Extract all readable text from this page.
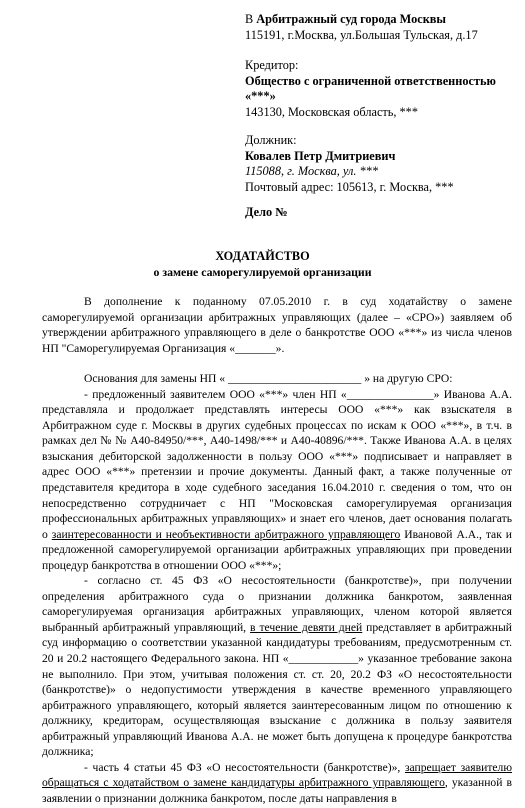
В Арбитражный суд города Москвы
115191, г.Москва, ул.Большая Тульская, д.17
Кредитор:
Общество с ограниченной ответственностью
«***»
143130, Московская область, ***
Должник:
Ковалев Петр Дмитриевич
115088, г. Москва, ул. ***
Почтовый адрес: 105613, г. Москва, ***
Дело №
ХОДАТАЙСТВО
о замене саморегулируемой организации

В дополнение к поданному 07.05.2010 г. в суд ходатайству о замене саморегулируемой организации арбитражных управляющих (далее – «СРО») заявляем об утверждении арбитражного управляющего в деле о банкротстве ООО «***» из числа членов НП "Саморегулируемая Организация «_______».

Основания для замены НП « _______________________ » на другую СРО:

- предложенный заявителем ООО «***» член НП «_______________» Иванова А.А. представляла и продолжает представлять интересы ООО «***» как взыскателя в Арбитражном суде г. Москвы в других судебных процессах по искам к ООО «***», в т.ч. в рамках дел № № А40-84950/***, А40-1498/*** и А40-40896/***. Также Иванова А.А. в целях взыскания дебиторской задолженности в пользу ООО «***» подписывает и направляет в адрес ООО «***» претензии и прочие документы. Данный факт, а также полученные от представителя кредитора в ходе судебного заседания 16.04.2010 г. сведения о том, что он непосредственно сотрудничает с НП "Московская саморегулируемая организация профессиональных арбитражных управляющих» и знает его членов, дает основания полагать о заинтересованности и необъективности арбитражного управляющего Ивановой А.А., так и предложенной саморегулируемой организации арбитражных управляющих при проведении процедур банкротства в отношении ООО «***»;

- согласно ст. 45 ФЗ «О несостоятельности (банкротстве)», при получении определения арбитражного суда о признании должника банкротом, заявленная саморегулируемая организация арбитражных управляющих, членом которой является выбранный арбитражный управляющий, в течение девяти дней представляет в арбитражный суд информацию о соответствии указанной кандидатуры требованиям, предусмотренным ст. 20 и 20.2 настоящего Федерального закона. НП «____________» указанное требование закона не выполнило. При этом, учитывая положения ст. ст. 20, 20.2 ФЗ «О несостоятельности (банкротстве)» о недопустимости утверждения в качестве временного управляющего арбитражного управляющего, который является заинтересованным лицом по отношению к должнику, кредиторам, осуществляющая взыскание с должника в пользу заявителя арбитражный управляющий Иванова А.А. не может быть допущена к процедуре банкротства должника;

- часть 4 статьи 45 ФЗ «О несостоятельности (банкротстве)», запрещает заявителю обращаться с ходатайством о замене кандидатуры арбитражного управляющего, указанной в заявлении о признании должника банкротом, после даты направления в
